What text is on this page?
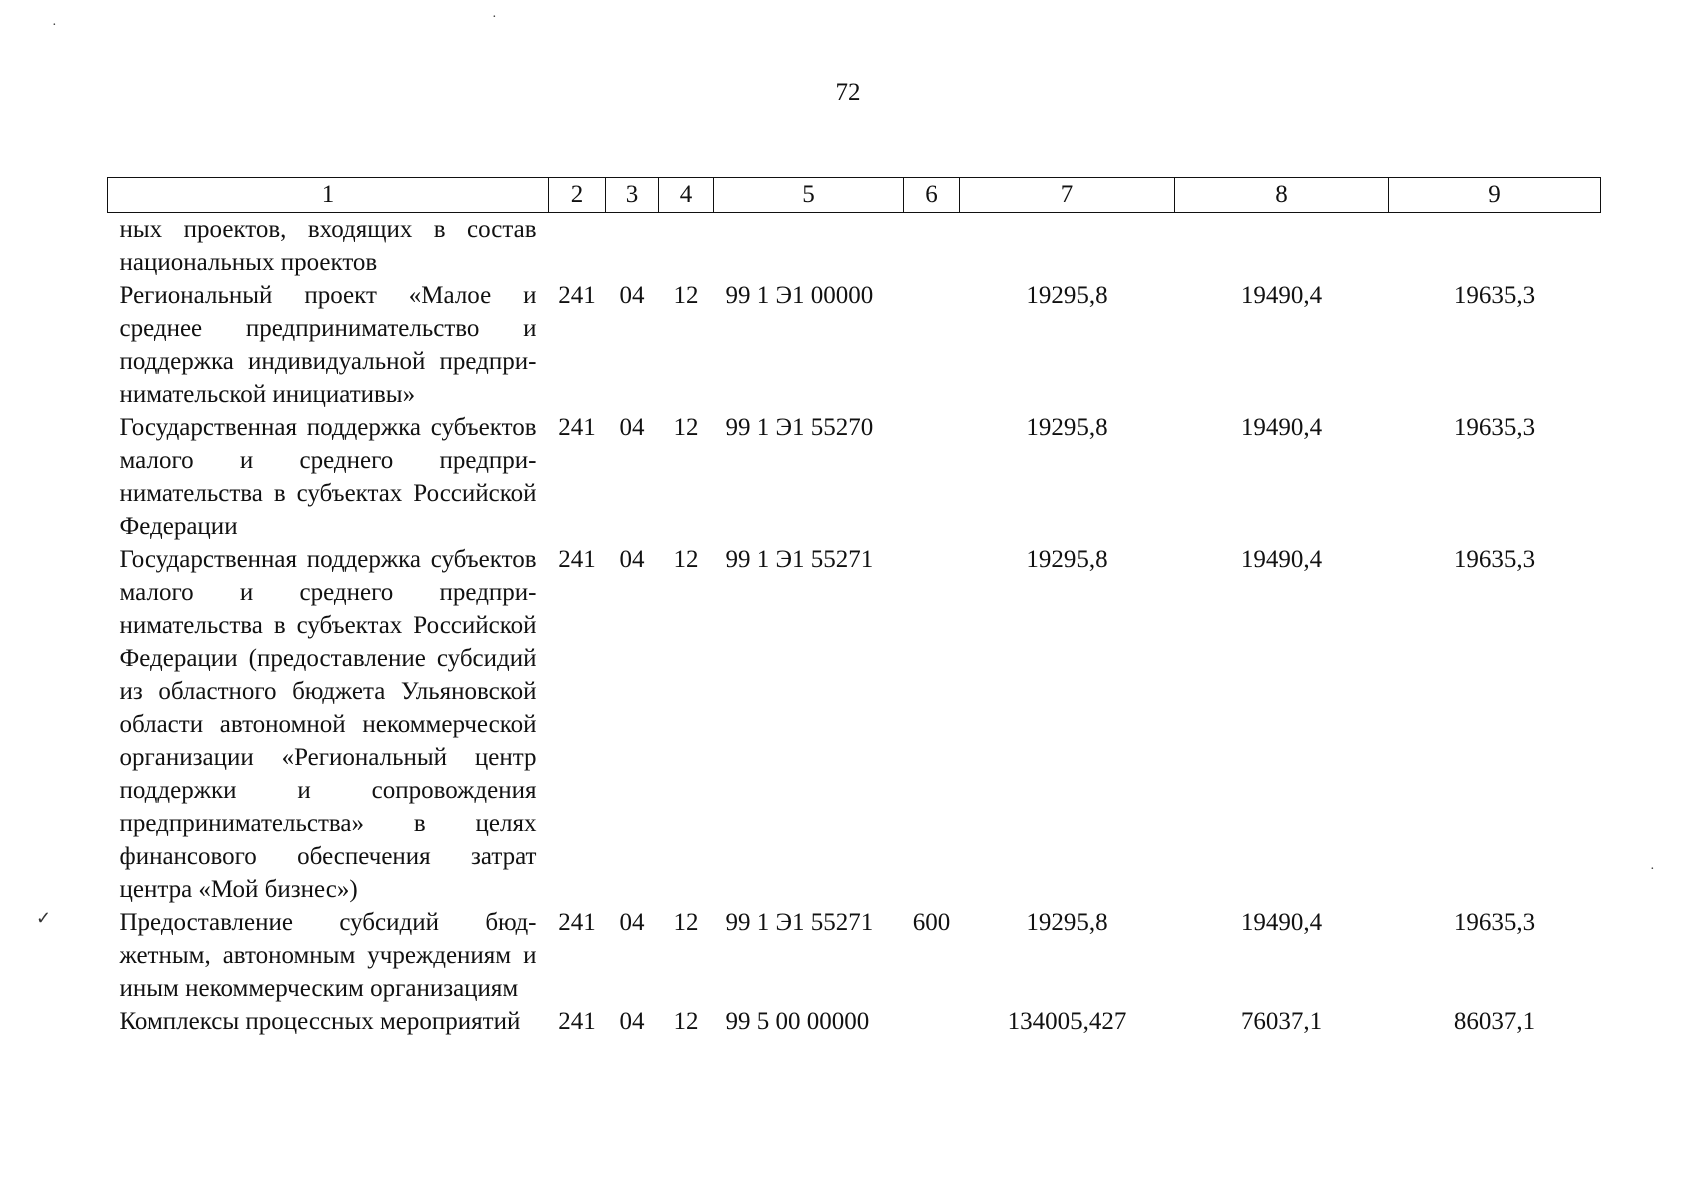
72
1	2	3	4	5	6	7	8	9
ных проектов, входящих в состав национальных проектов								
Региональный проект «Малое и среднее предпринимательство и поддержка индивидуальной предпринимательской инициативы»	241	04	12	99 1 Э1 00000		19295,8	19490,4	19635,3
Государственная поддержка субъектов малого и среднего предпринимательства в субъектах Российской Федерации	241	04	12	99 1 Э1 55270		19295,8	19490,4	19635,3
Государственная поддержка субъектов малого и среднего предпринимательства в субъектах Российской Федерации (предоставление субсидий из областного бюджета Ульяновской области автономной некоммерческой организации «Региональный центр поддержки и сопровождения предпринимательства» в целях финансового обеспечения затрат центра «Мой бизнес»)	241	04	12	99 1 Э1 55271		19295,8	19490,4	19635,3
Предоставление субсидий бюджетным, автономным учреждениям и иным некоммерческим организациям	241	04	12	99 1 Э1 55271	600	19295,8	19490,4	19635,3
Комплексы процессных мероприятий	241	04	12	99 5 00 00000		134005,427	76037,1	86037,1
·
·
✓
·
